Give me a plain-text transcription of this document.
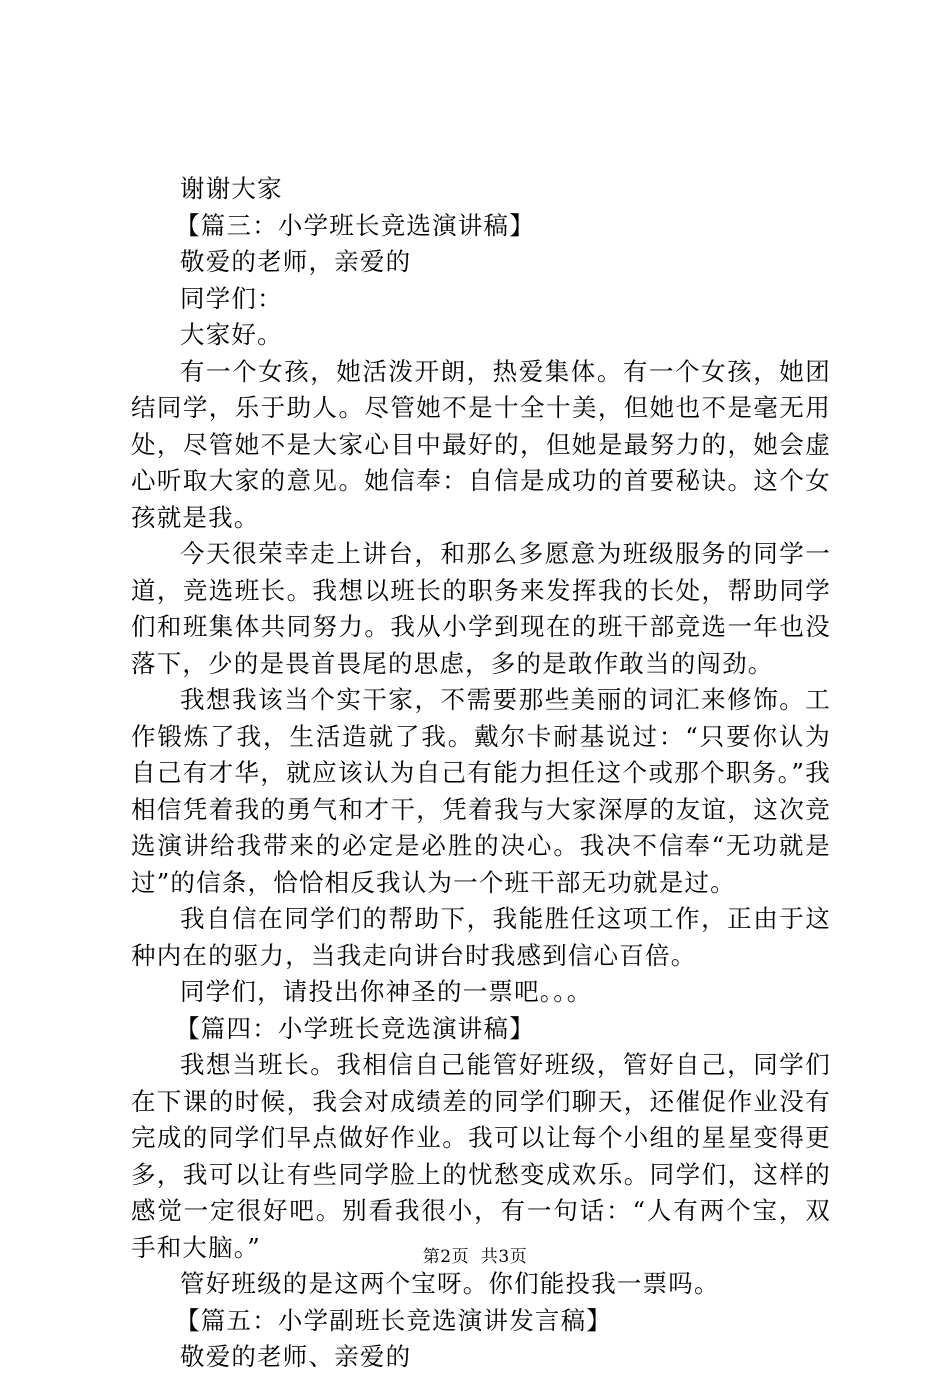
谢谢大家

【篇三：小学班长竞选演讲稿】

敬爱的老师，亲爱的

同学们：

大家好。

有一个女孩，她活泼开朗，热爱集体。有一个女孩，她团结同学，乐于助人。尽管她不是十全十美，但她也不是毫无用处，尽管她不是大家心目中最好的，但她是最努力的，她会虚心听取大家的意见。她信奉：自信是成功的首要秘诀。这个女孩就是我。

今天很荣幸走上讲台，和那么多愿意为班级服务的同学一道，竞选班长。我想以班长的职务来发挥我的长处，帮助同学们和班集体共同努力。我从小学到现在的班干部竞选一年也没落下，少的是畏首畏尾的思虑，多的是敢作敢当的闯劲。

我想我该当个实干家，不需要那些美丽的词汇来修饰。工作锻炼了我，生活造就了我。戴尔卡耐基说过：“只要你认为自己有才华，就应该认为自己有能力担任这个或那个职务。”我相信凭着我的勇气和才干，凭着我与大家深厚的友谊，这次竞选演讲给我带来的必定是必胜的决心。我决不信奉“无功就是过”的信条，恰恰相反我认为一个班干部无功就是过。

我自信在同学们的帮助下，我能胜任这项工作，正由于这种内在的驱力，当我走向讲台时我感到信心百倍。

同学们，请投出你神圣的一票吧。。。

【篇四：小学班长竞选演讲稿】

我想当班长。我相信自己能管好班级，管好自己，同学们在下课的时候，我会对成绩差的同学们聊天，还催促作业没有完成的同学们早点做好作业。我可以让每个小组的星星变得更多，我可以让有些同学脸上的忧愁变成欢乐。同学们，这样的感觉一定很好吧。别看我很小，有一句话：“人有两个宝，双手和大脑。”

管好班级的是这两个宝呀。你们能投我一票吗。

【篇五：小学副班长竞选演讲发言稿】

敬爱的老师、亲爱的

第2页  共3页
